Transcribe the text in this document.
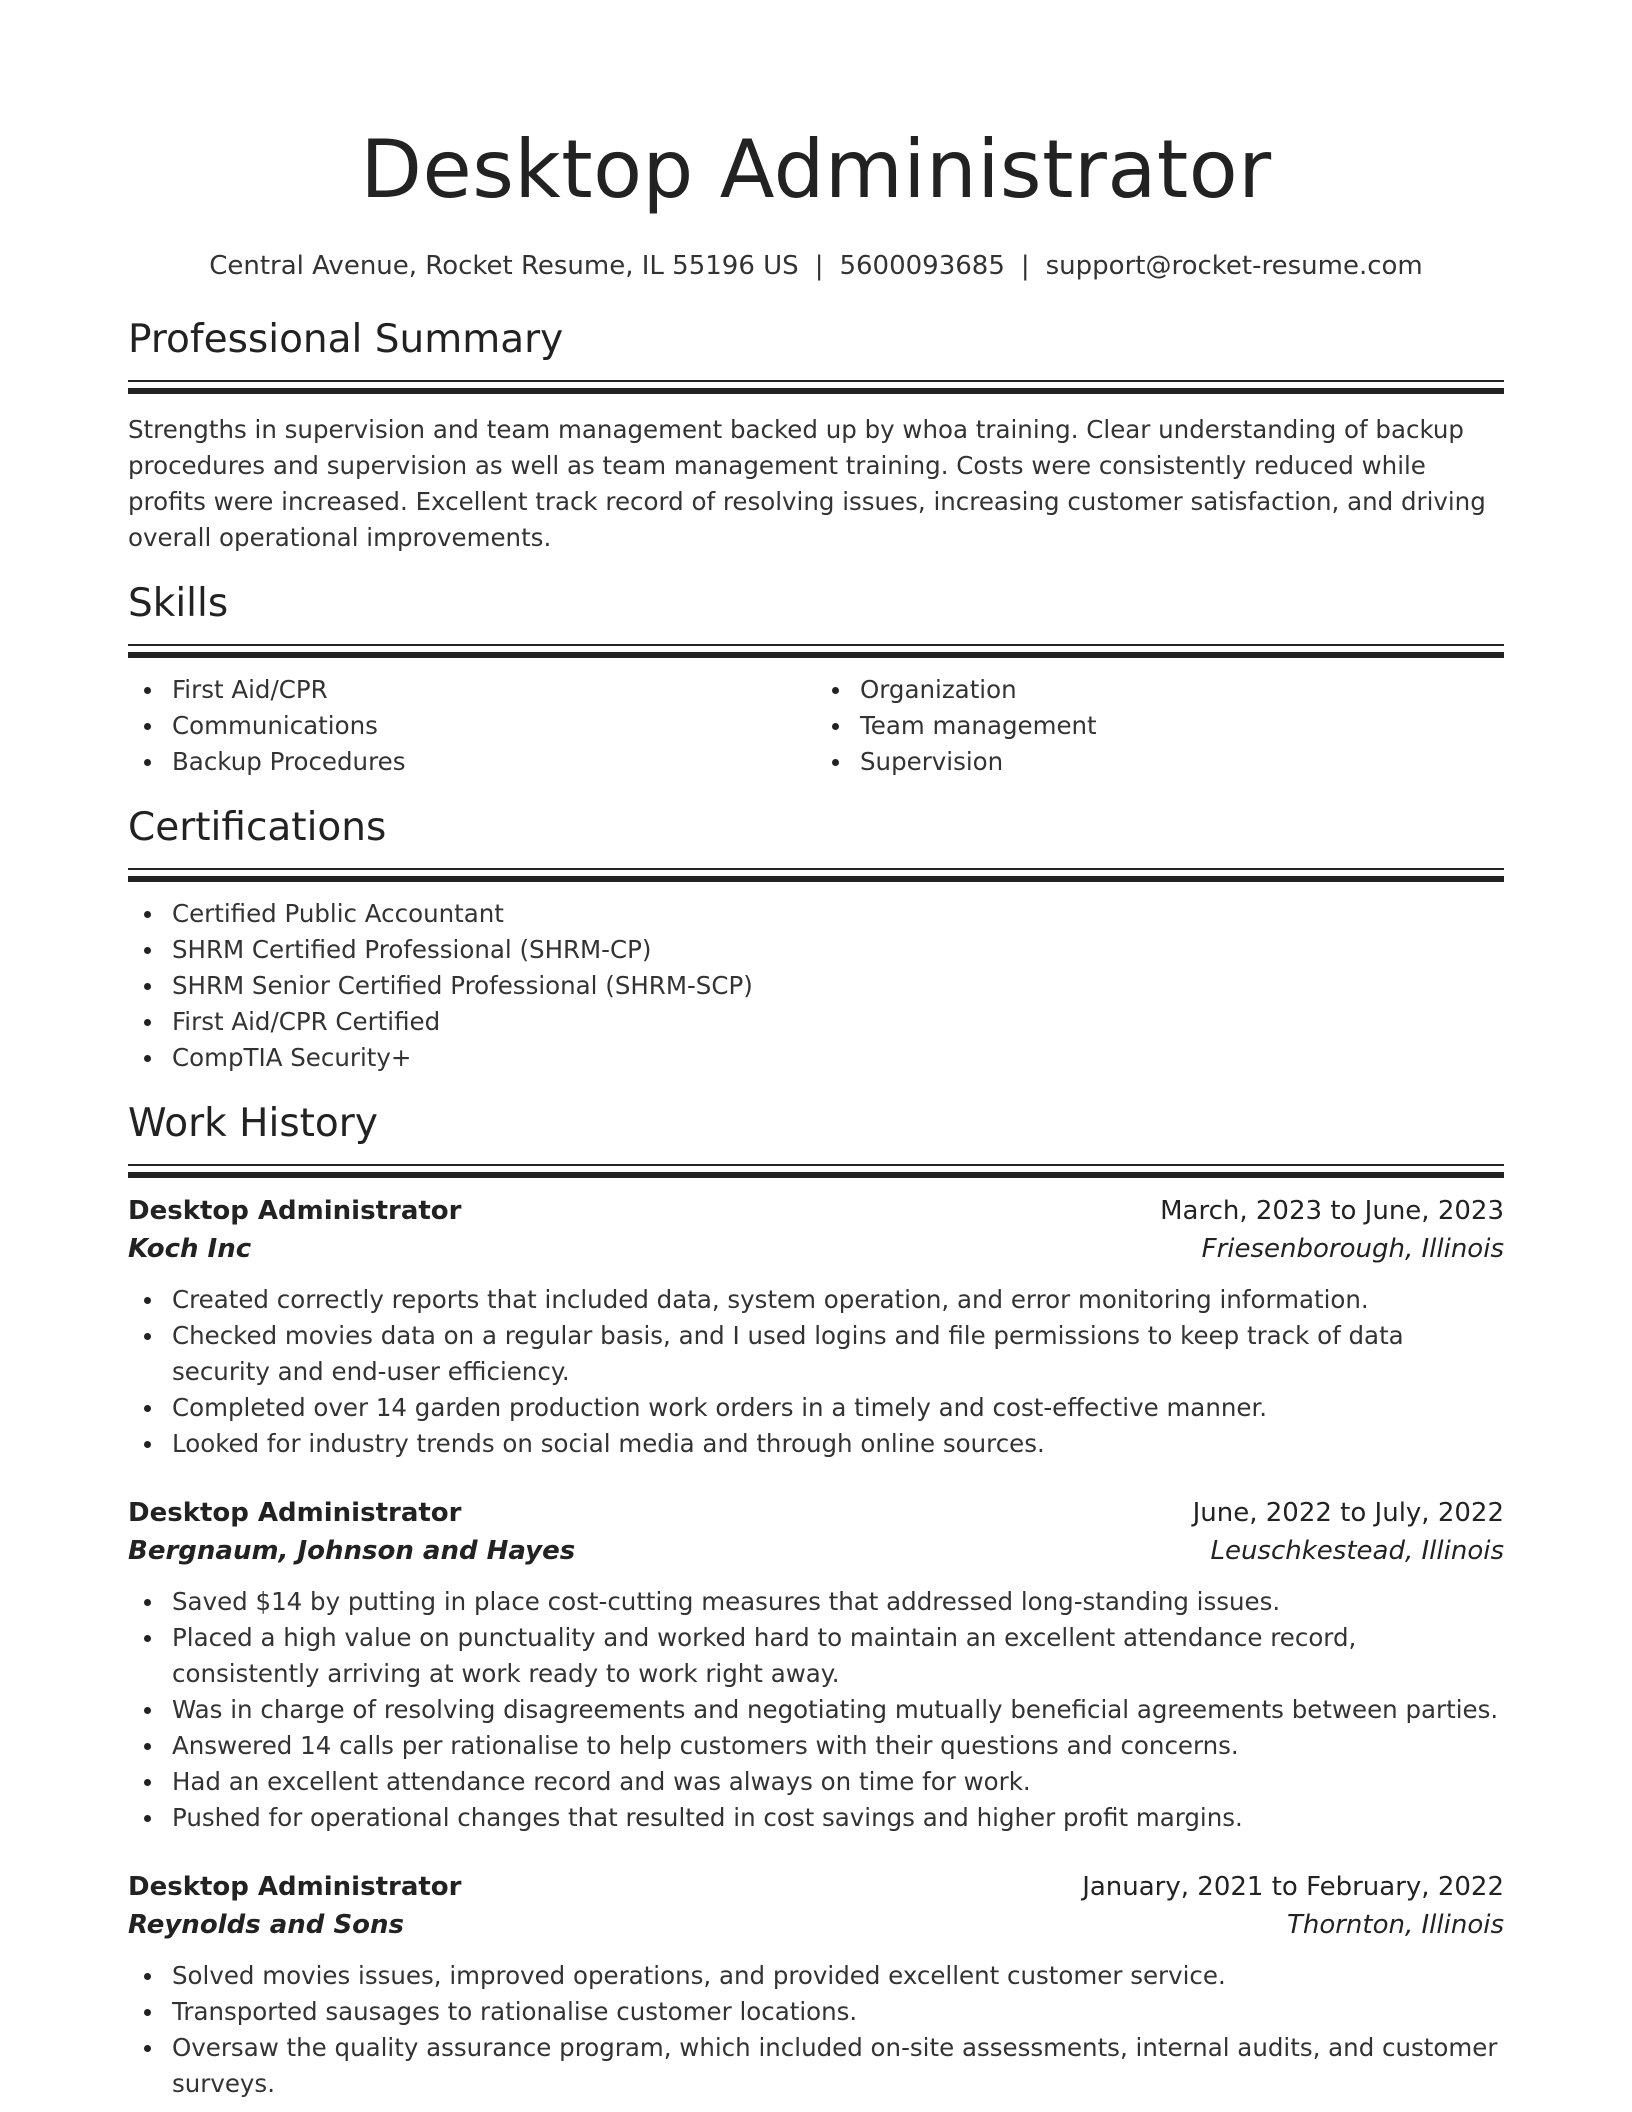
Desktop Administrator
Central Avenue, Rocket Resume, IL 55196 US | 5600093685 | support@rocket-resume.com
Professional Summary
Strengths in supervision and team management backed up by whoa training. Clear understanding of backup procedures and supervision as well as team management training. Costs were consistently reduced while profits were increased. Excellent track record of resolving issues, increasing customer satisfaction, and driving overall operational improvements.
Skills
First Aid/CPR
Communications
Backup Procedures
Organization
Team management
Supervision
Certifications
Certified Public Accountant
SHRM Certified Professional (SHRM-CP)
SHRM Senior Certified Professional (SHRM-SCP)
First Aid/CPR Certified
CompTIA Security+
Work History
Desktop Administrator	March, 2023 to June, 2023
Koch Inc	Friesenborough, Illinois
Created correctly reports that included data, system operation, and error monitoring information.
Checked movies data on a regular basis, and I used logins and file permissions to keep track of data security and end-user efficiency.
Completed over 14 garden production work orders in a timely and cost-effective manner.
Looked for industry trends on social media and through online sources.
Desktop Administrator	June, 2022 to July, 2022
Bergnaum, Johnson and Hayes	Leuschkestead, Illinois
Saved $14 by putting in place cost-cutting measures that addressed long-standing issues.
Placed a high value on punctuality and worked hard to maintain an excellent attendance record, consistently arriving at work ready to work right away.
Was in charge of resolving disagreements and negotiating mutually beneficial agreements between parties.
Answered 14 calls per rationalise to help customers with their questions and concerns.
Had an excellent attendance record and was always on time for work.
Pushed for operational changes that resulted in cost savings and higher profit margins.
Desktop Administrator	January, 2021 to February, 2022
Reynolds and Sons	Thornton, Illinois
Solved movies issues, improved operations, and provided excellent customer service.
Transported sausages to rationalise customer locations.
Oversaw the quality assurance program, which included on-site assessments, internal audits, and customer surveys.
